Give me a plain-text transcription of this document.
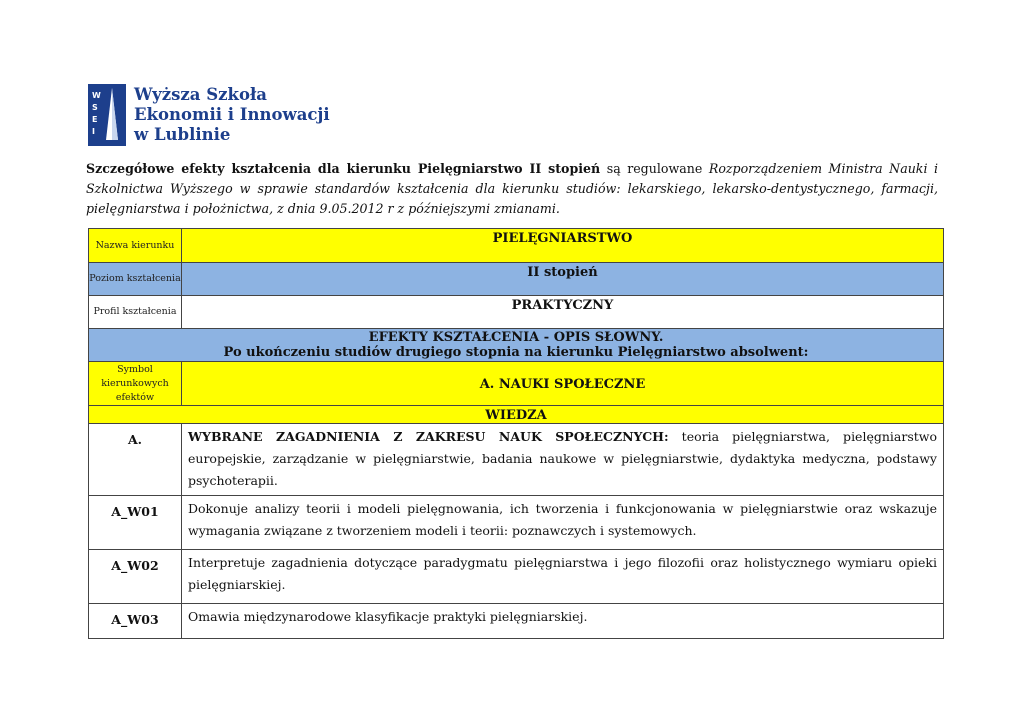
W
S
E
I
Wyższa Szkoła
Ekonomii i Innowacji
w Lublinie
Szczegółowe efekty kształcenia dla kierunku Pielęgniarstwo II stopień są regulowane Rozporządzeniem Ministra Nauki i Szkolnictwa Wyższego w sprawie standardów kształcenia dla kierunku studiów: lekarskiego, lekarsko-dentystycznego, farmacji, pielęgniarstwa i położnictwa, z dnia 9.05.2012 r z późniejszymi zmianami.
Nazwa kierunku	PIELĘGNIARSTWO
Poziom kształcenia	II stopień
Profil kształcenia	PRAKTYCZNY

EFEKTY KSZTAŁCENIA - OPIS SŁOWNY.
Po ukończeniu studiów drugiego stopnia na kierunku Pielęgniarstwo absolwent:	

Symbol kierunkowych efektów	A. NAUKI SPOŁECZNE
WIEDZA	
A.	WYBRANE ZAGADNIENIA Z ZAKRESU NAUK SPOŁECZNYCH: teoria pielęgniarstwa, pielęgniarstwo europejskie, zarządzanie w pielęgniarstwie, badania naukowe w pielęgniarstwie, dydaktyka medyczna, podstawy psychoterapii.
A_W01	Dokonuje analizy teorii i modeli pielęgnowania, ich tworzenia i funkcjonowania w pielęgniarstwie oraz wskazuje wymagania związane z tworzeniem modeli i teorii: poznawczych i systemowych.
A_W02	Interpretuje zagadnienia dotyczące paradygmatu pielęgniarstwa i jego filozofii oraz holistycznego wymiaru opieki pielęgniarskiej.
A_W03	Omawia międzynarodowe klasyfikacje praktyki pielęgniarskiej.
